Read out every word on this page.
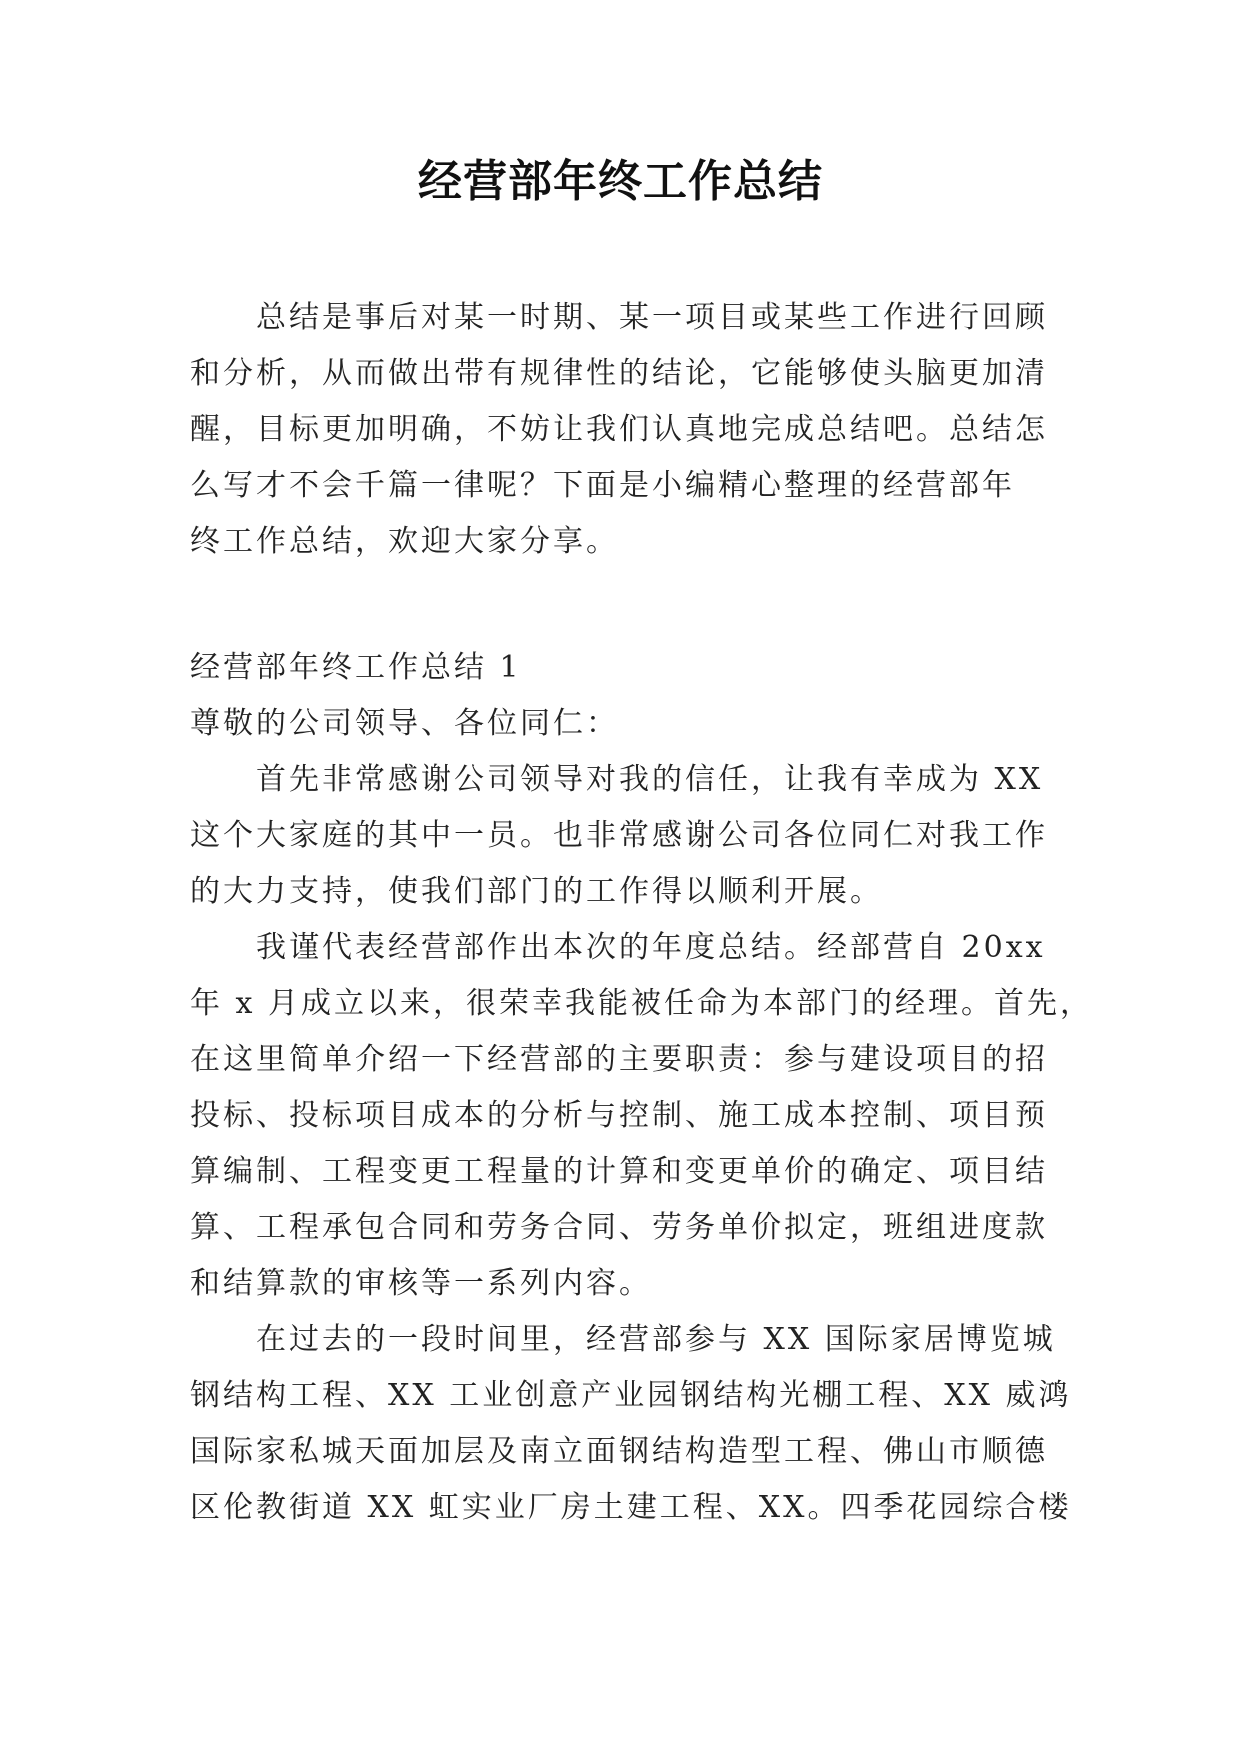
经营部年终工作总结
总结是事后对某一时期、某一项目或某些工作进行回顾
和分析，从而做出带有规律性的结论，它能够使头脑更加清
醒，目标更加明确，不妨让我们认真地完成总结吧。总结怎
么写才不会千篇一律呢？下面是小编精心整理的经营部年
终工作总结，欢迎大家分享。
经营部年终工作总结 1
尊敬的公司领导、各位同仁：
首先非常感谢公司领导对我的信任，让我有幸成为 XX
这个大家庭的其中一员。也非常感谢公司各位同仁对我工作
的大力支持，使我们部门的工作得以顺利开展。
我谨代表经营部作出本次的年度总结。经部营自 20xx
年 x 月成立以来，很荣幸我能被任命为本部门的经理。首先，
在这里简单介绍一下经营部的主要职责：参与建设项目的招
投标、投标项目成本的分析与控制、施工成本控制、项目预
算编制、工程变更工程量的计算和变更单价的确定、项目结
算、工程承包合同和劳务合同、劳务单价拟定，班组进度款
和结算款的审核等一系列内容。
在过去的一段时间里，经营部参与 XX 国际家居博览城
钢结构工程、XX 工业创意产业园钢结构光棚工程、XX 威鸿
国际家私城天面加层及南立面钢结构造型工程、佛山市顺德
区伦教街道 XX 虹实业厂房土建工程、XX。四季花园综合楼
